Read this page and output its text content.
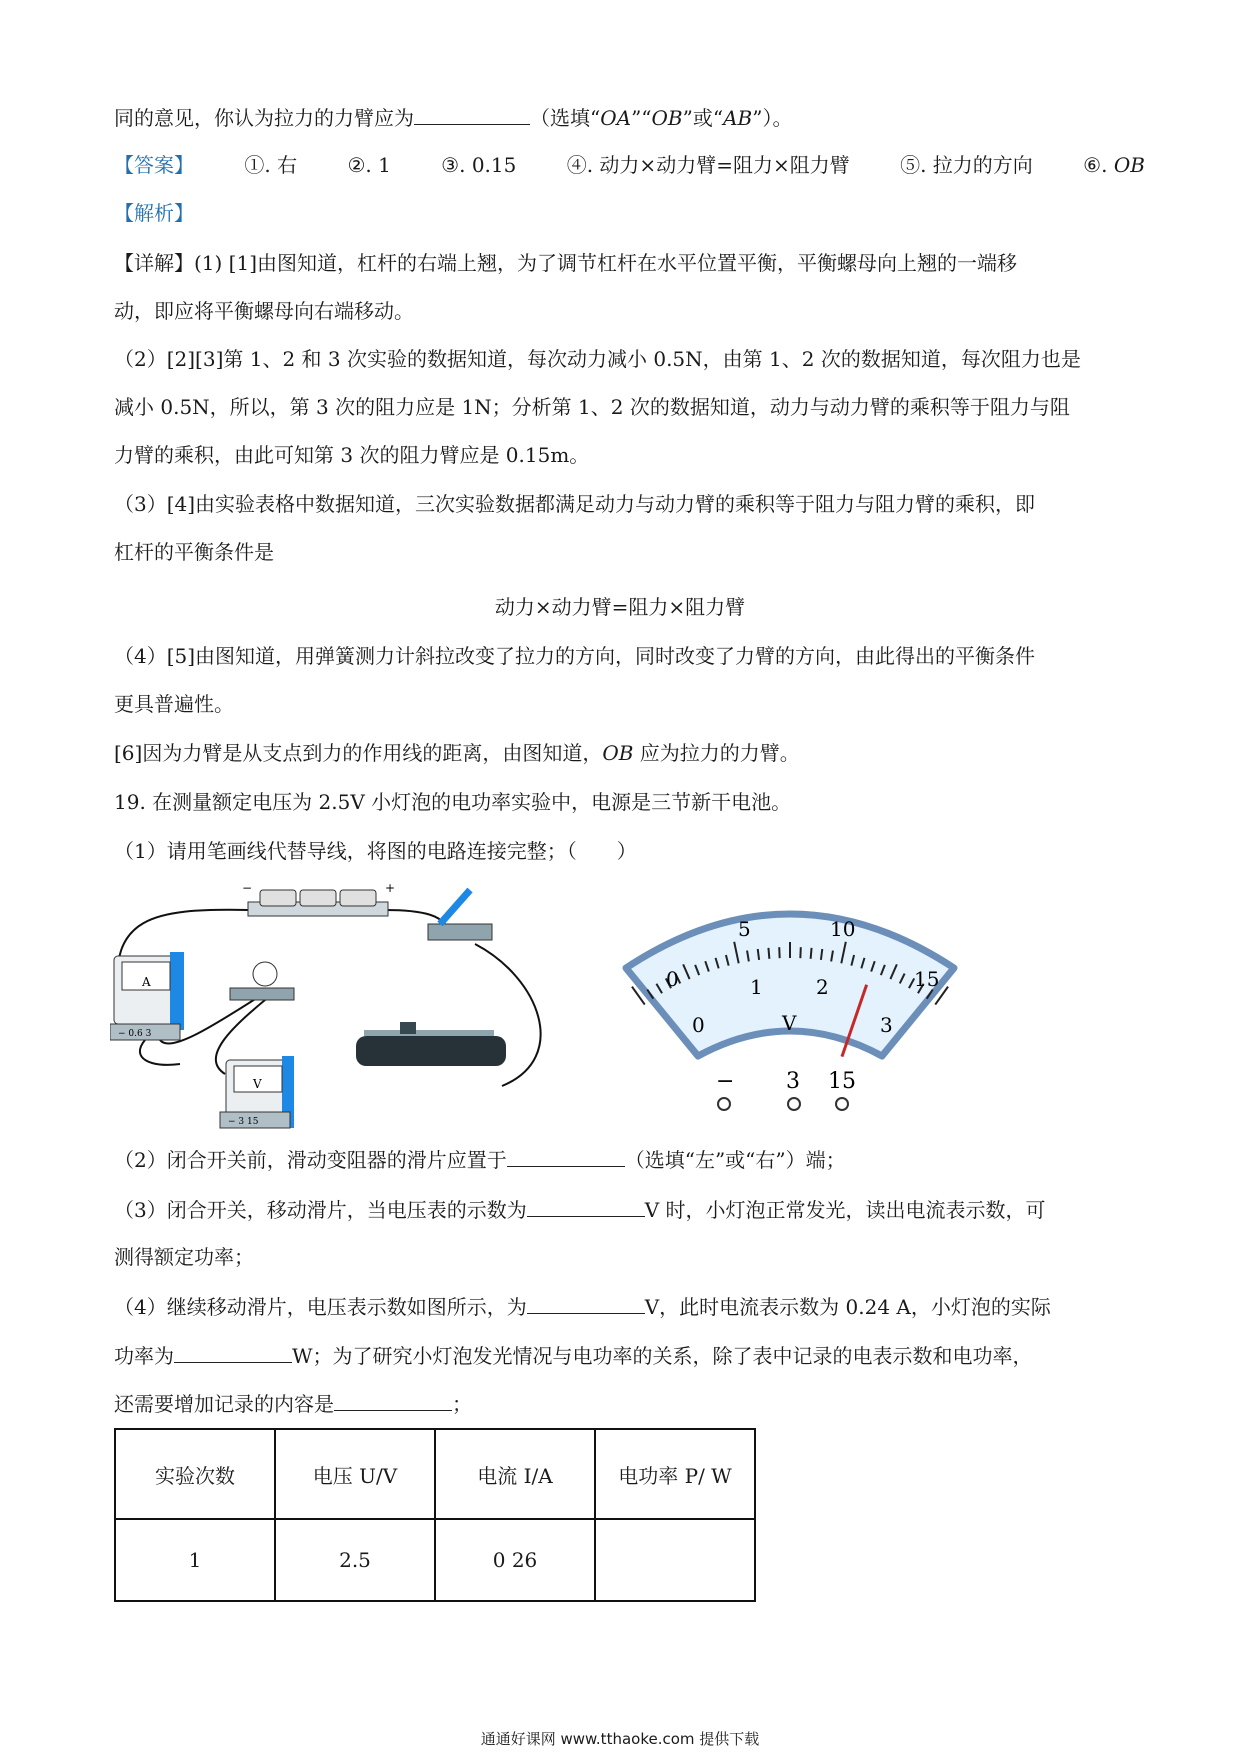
同的意见，你认为拉力的力臂应为	（选填“OA”“OB”或“AB”）。
【答案】	①. 右	②. 1	③. 0.15	④. 动力×动力臂=阻力×阻力臂	⑤. 拉力的方向	⑥. OB
【解析】
【详解】(1) [1]由图知道，杠杆的右端上翘，为了调节杠杆在水平位置平衡，平衡螺母向上翘的一端移
动，即应将平衡螺母向右端移动。
（2）[2][3]第 1、2 和 3 次实验的数据知道，每次动力减小 0.5N，由第 1、2 次的数据知道，每次阻力也是
减小 0.5N，所以，第 3 次的阻力应是 1N；分析第 1、2 次的数据知道，动力与动力臂的乘积等于阻力与阻
力臂的乘积，由此可知第 3 次的阻力臂应是 0.15m。
（3）[4]由实验表格中数据知道，三次实验数据都满足动力与动力臂的乘积等于阻力与阻力臂的乘积，即
杠杆的平衡条件是
动力×动力臂=阻力×阻力臂
（4）[5]由图知道，用弹簧测力计斜拉改变了拉力的方向，同时改变了力臂的方向，由此得出的平衡条件
更具普遍性。
[6]因为力臂是从支点到力的作用线的距离，由图知道，OB 应为拉力的力臂。
19. 在测量额定电压为 2.5V 小灯泡的电功率实验中，电源是三节新干电池。
（1）请用笔画线代替导线，将图的电路连接完整；（　　）
−	+
A
− 0.6 3
V
− 3 15
0
5	10
15
0
1	2
3
V
− 3 15
（2）闭合开关前，滑动变阻器的滑片应置于	（选填“左”或“右”）端；
（3）闭合开关，移动滑片，当电压表的示数为	V 时，小灯泡正常发光，读出电流表示数，可
测得额定功率；
（4）继续移动滑片，电压表示数如图所示，为	V，此时电流表示数为 0.24 A，小灯泡的实际
功率为	W；为了研究小灯泡发光情况与电功率的关系，除了表中记录的电表示数和电功率，
还需要增加记录的内容是	；
实验次数	电压 U/V	电流 I/A	电功率 P/ W
1	2.5	0 26	
通通好课网 www.tthaoke.com 提供下载
